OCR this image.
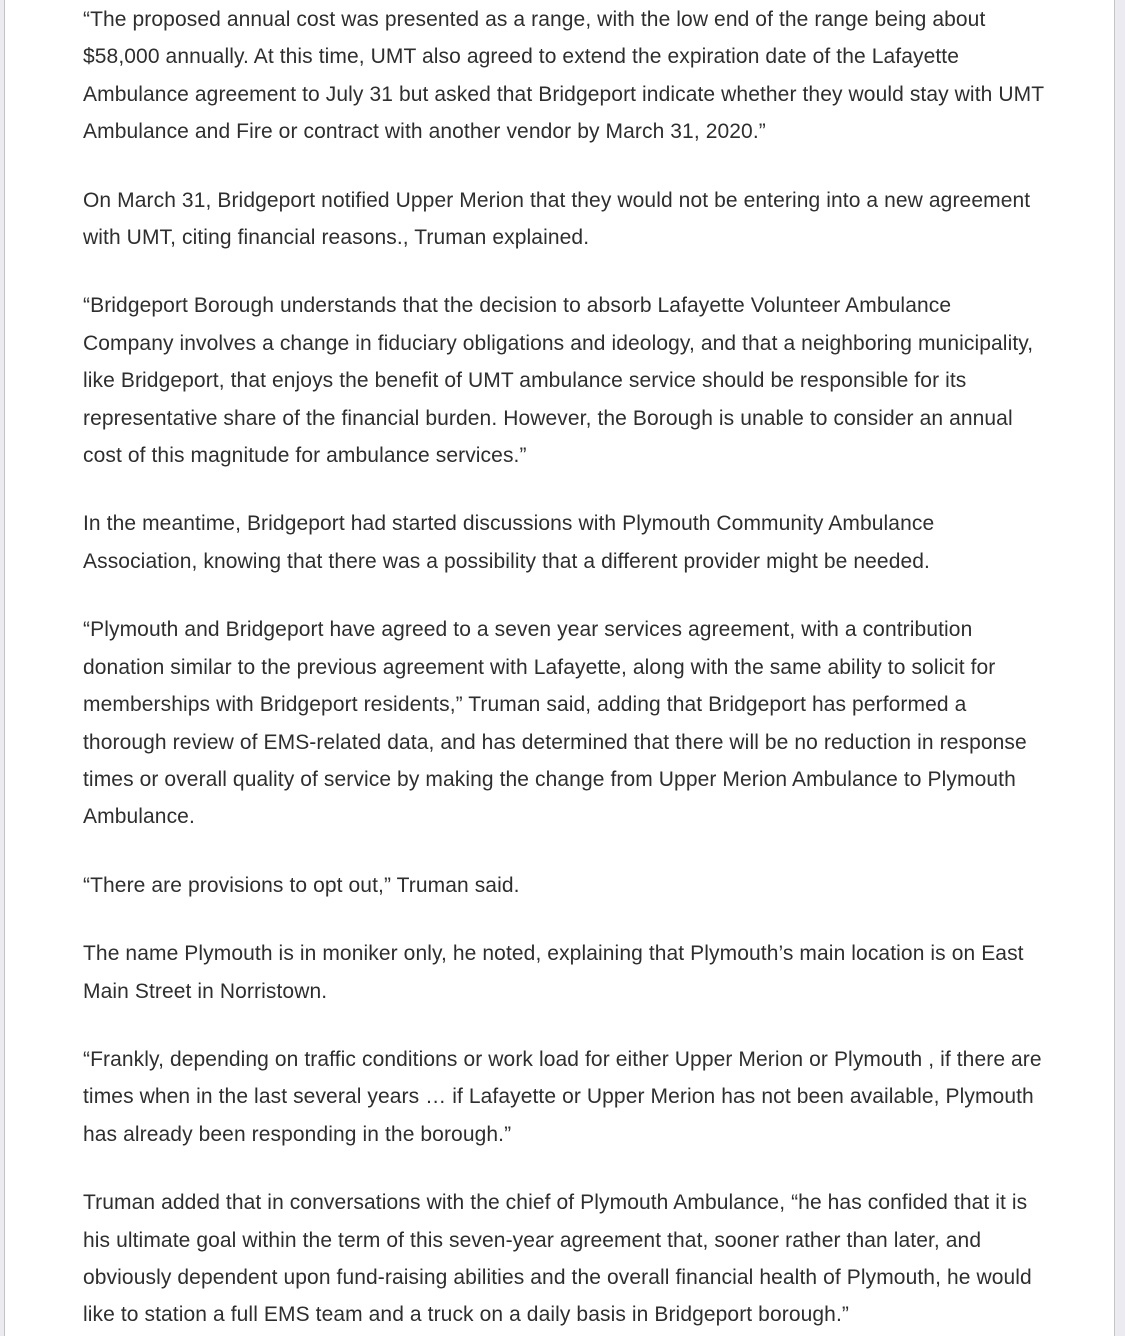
“The proposed annual cost was presented as a range, with the low end of the range being about $58,000 annually. At this time, UMT also agreed to extend the expiration date of the Lafayette Ambulance agreement to July 31 but asked that Bridgeport indicate whether they would stay with UMT Ambulance and Fire or contract with another vendor by March 31, 2020.”

On March 31, Bridgeport notified Upper Merion that they would not be entering into a new agreement with UMT, citing financial reasons., Truman explained.

“Bridgeport Borough understands that the decision to absorb Lafayette Volunteer Ambulance Company involves a change in fiduciary obligations and ideology, and that a neighboring municipality, like Bridgeport, that enjoys the benefit of UMT ambulance service should be responsible for its representative share of the financial burden. However, the Borough is unable to consider an annual cost of this magnitude for ambulance services.”

In the meantime, Bridgeport had started discussions with Plymouth Community Ambulance Association, knowing that there was a possibility that a different provider might be needed.

“Plymouth and Bridgeport have agreed to a seven year services agreement, with a contribution donation similar to the previous agreement with Lafayette, along with the same ability to solicit for memberships with Bridgeport residents,” Truman said, adding that Bridgeport has performed a thorough review of EMS-related data, and has determined that there will be no reduction in response times or overall quality of service by making the change from Upper Merion Ambulance to Plymouth Ambulance.

“There are provisions to opt out,” Truman said.

The name Plymouth is in moniker only, he noted, explaining that Plymouth’s main location is on East Main Street in Norristown.

“Frankly, depending on traffic conditions or work load for either Upper Merion or Plymouth , if there are times when in the last several years … if Lafayette or Upper Merion has not been available, Plymouth has already been responding in the borough.”

Truman added that in conversations with the chief of Plymouth Ambulance, “he has confided that it is his ultimate goal within the term of this seven-year agreement that, sooner rather than later, and obviously dependent upon fund-raising abilities and the overall financial health of Plymouth, he would like to station a full EMS team and a truck on a daily basis in Bridgeport borough.”
